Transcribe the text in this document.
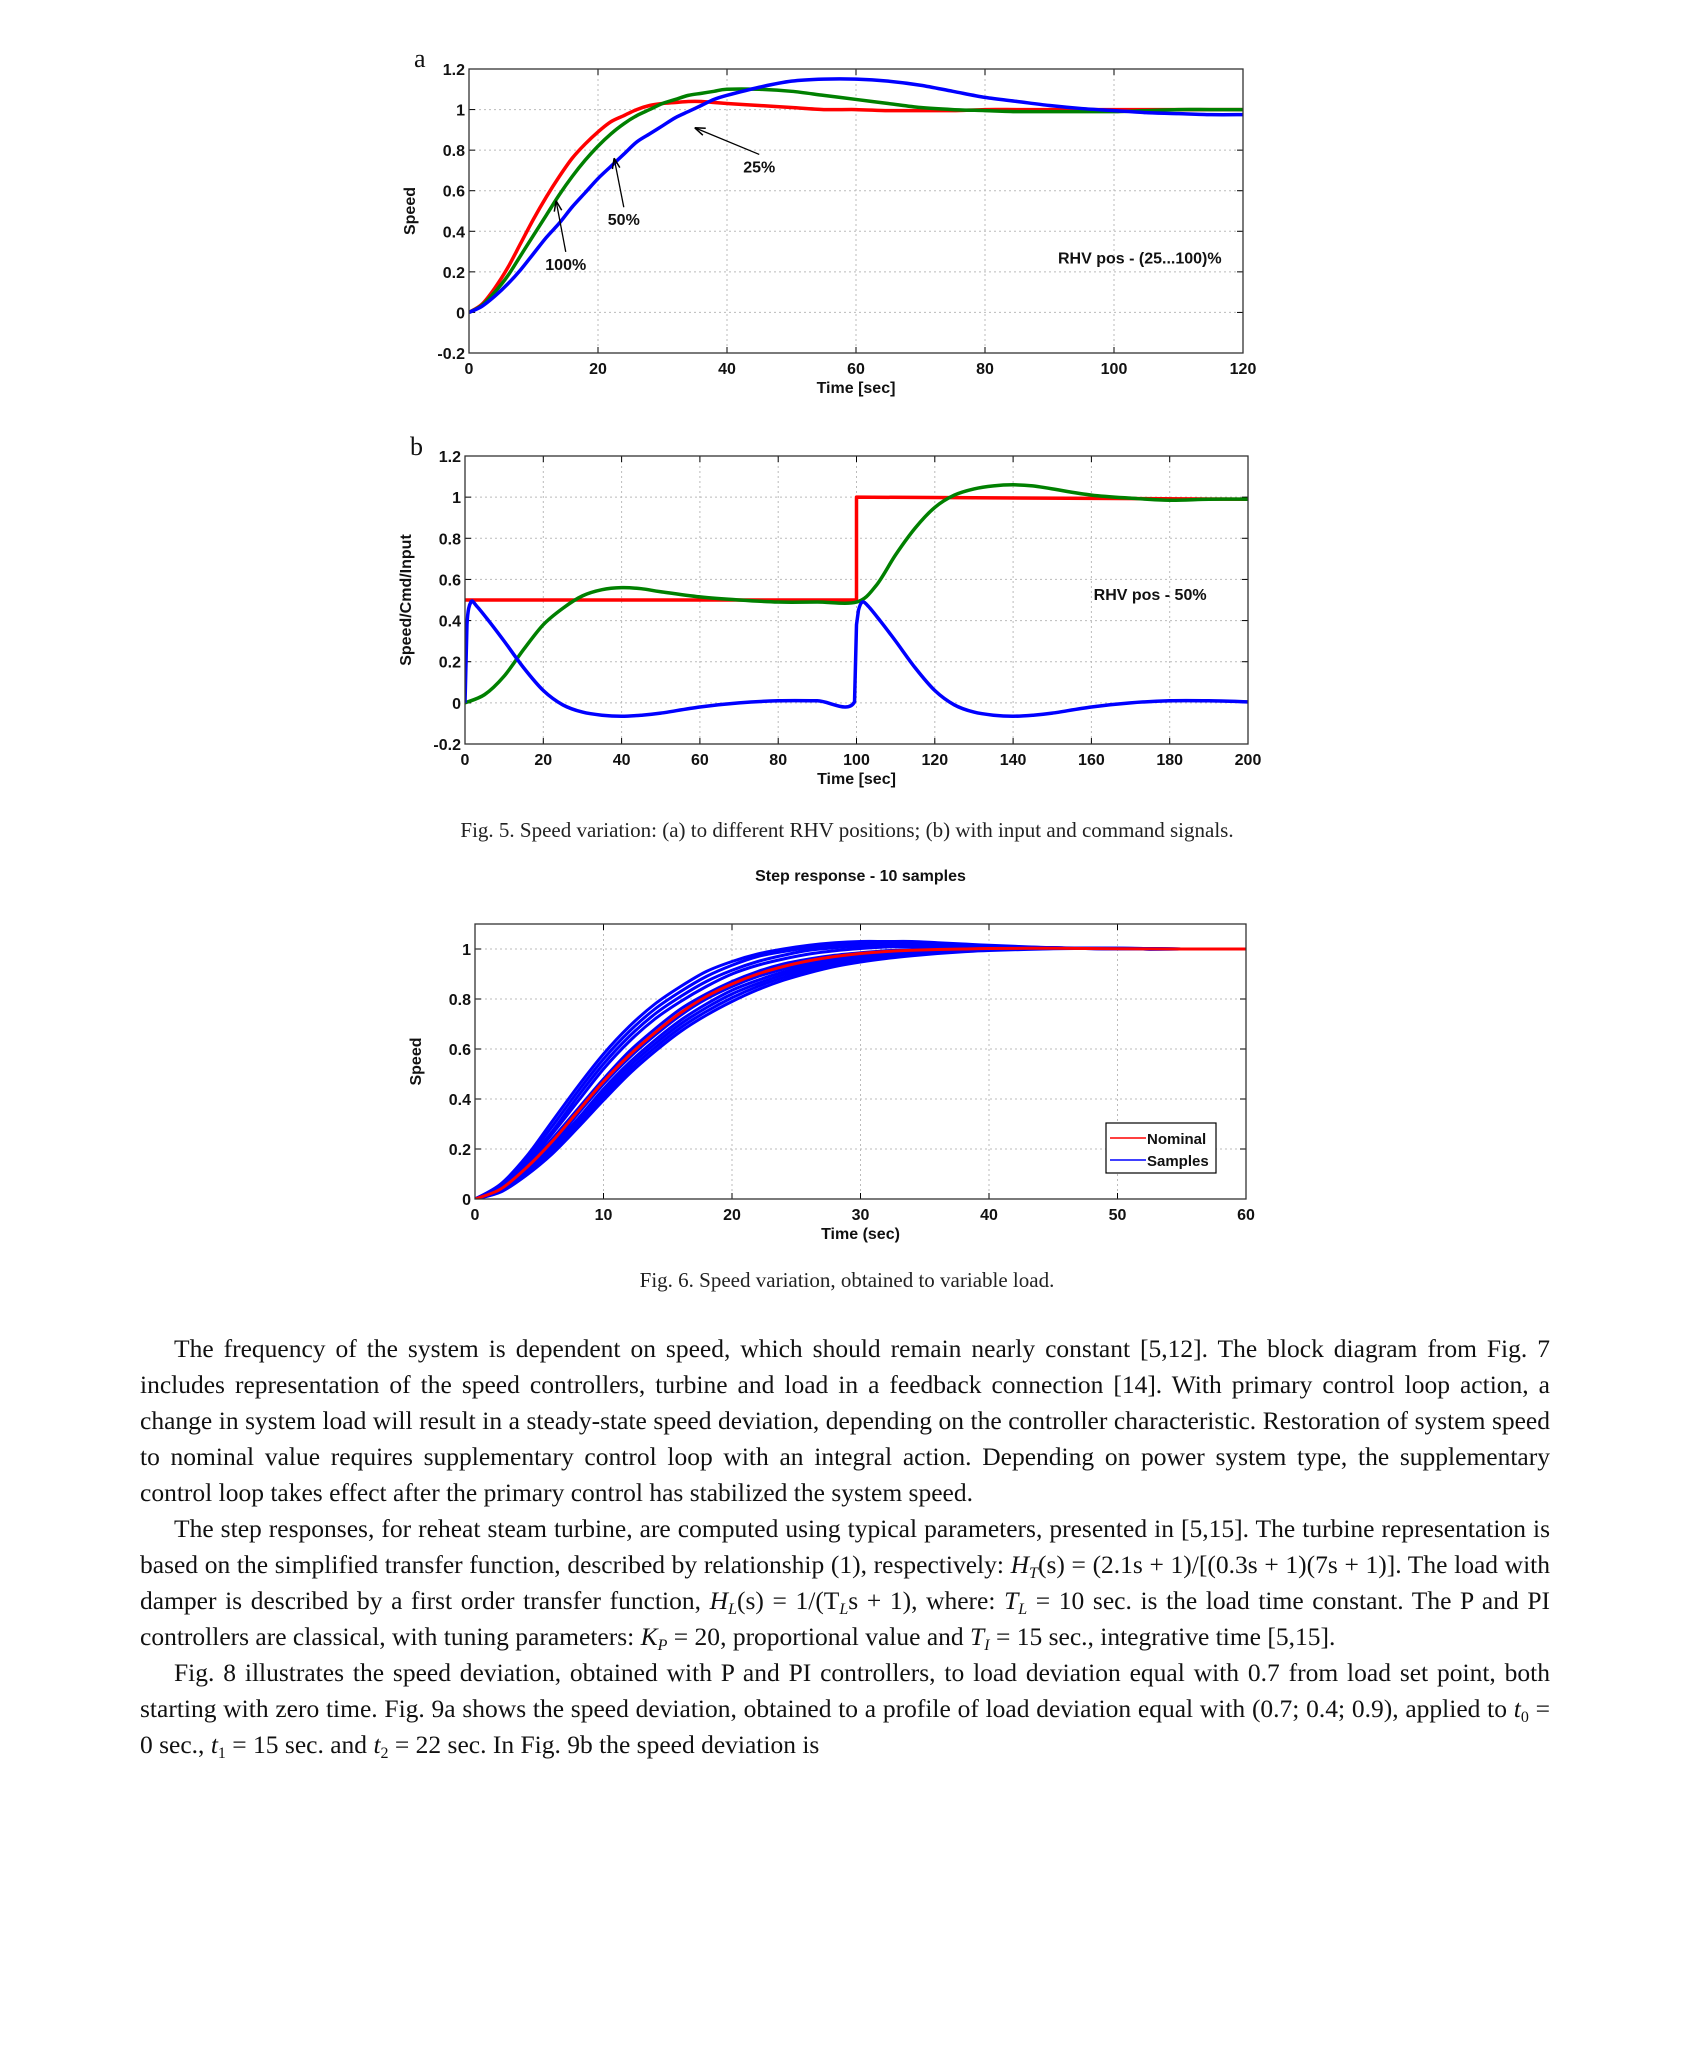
a
0	20	40	60	80	100	120
-0.2
0
0.2
0.4
0.6
0.8
1
1.2
Time [sec]
Speed
100%
50%
25%
RHV pos - (25...100)%
b
0	20	40	60	80	100	120	140	160	180	200
-0.2
0
0.2
0.4
0.6
0.8
1
1.2
Time [sec]
Speed/Cmd/Input	RHV pos - 50%
Fig. 5. Speed variation: (a) to different RHV positions; (b) with input and command signals.
0	10	20	30	40	50	60
0
0.2
0.4
0.6
0.8
1
Time (sec)
Speed
Step response - 10 samples
Nominal
Samples
Fig. 6. Speed variation, obtained to variable load.

The frequency of the system is dependent on speed, which should remain nearly constant [5,12]. The block diagram from Fig. 7 includes representation of the speed controllers, turbine and load in a feedback connection [14]. With primary control loop action, a change in system load will result in a steady-state speed deviation, depending on the controller characteristic. Restoration of system speed to nominal value requires supplementary control loop with an integral action. Depending on power system type, the supplementary control loop takes effect after the primary control has stabilized the system speed.

The step responses, for reheat steam turbine, are computed using typical parameters, presented in [5,15]. The turbine representation is based on the simplified transfer function, described by relationship (1), respectively: $H_T(s) = (2.1s + 1)/[(0.3s + 1)(7s + 1)]$. The load with damper is described by a first order transfer function, $H_L(s) = 1/(T_Ls + 1)$, where: $T_L = 10$ sec. is the load time constant. The P and PI controllers are classical, with tuning parameters: $K_P = 20$, proportional value and $T_I = 15$ sec., integrative time [5,15].

Fig. 8 illustrates the speed deviation, obtained with P and PI controllers, to load deviation equal with 0.7 from load set point, both starting with zero time. Fig. 9a shows the speed deviation, obtained to a profile of load deviation equal with (0.7; 0.4; 0.9), applied to $t_0 = 0$ sec., $t_1 = 15$ sec. and $t_2 = 22$ sec. In Fig. 9b the speed deviation is
